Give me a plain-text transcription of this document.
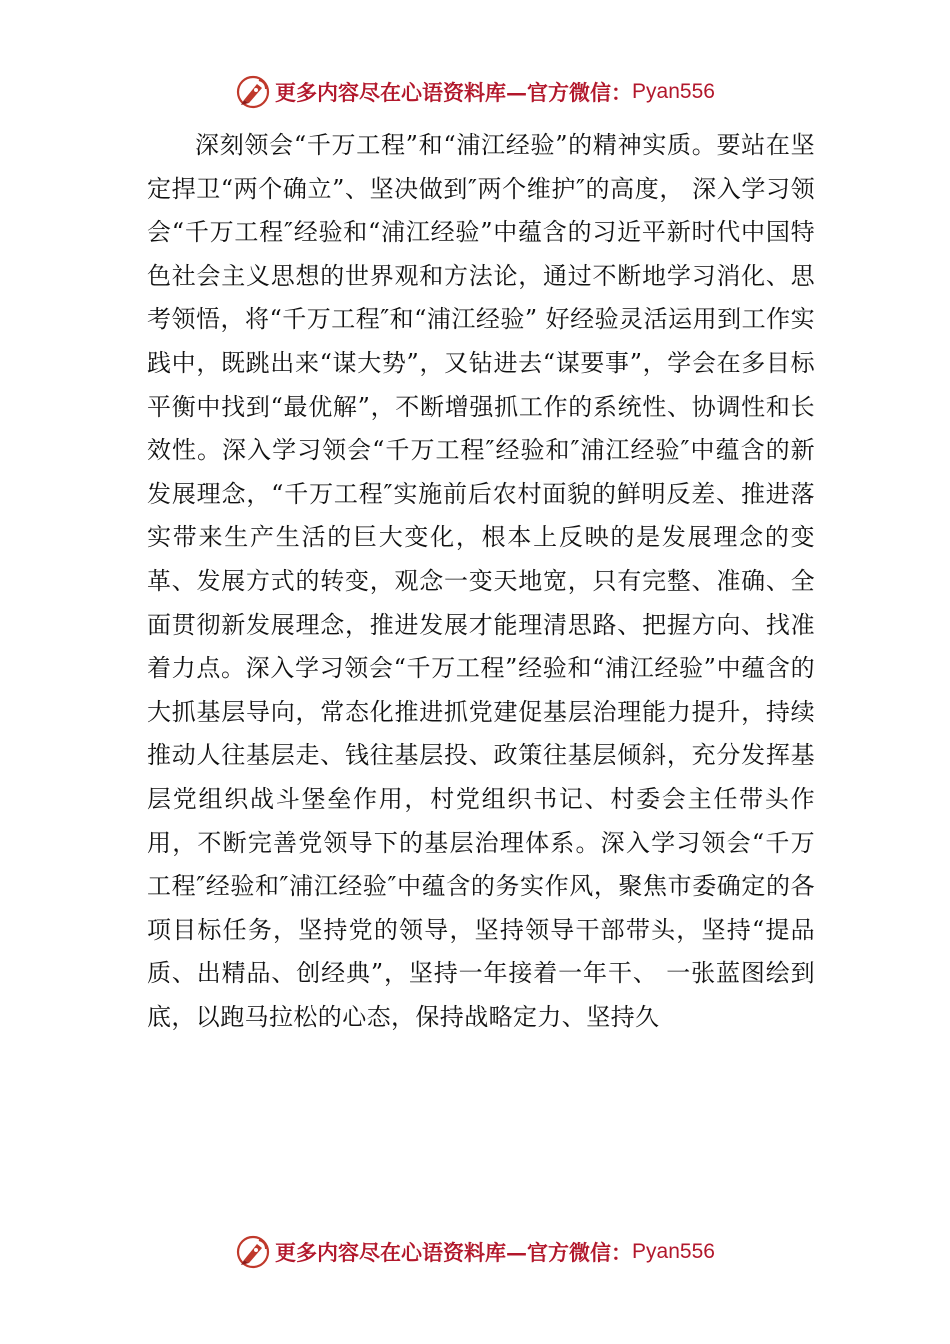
更多内容尽在心语资料库—官方微信： Pyan556

深刻领会“千万工程”和“浦江经验”的精神实质。要站在坚定捍卫“两个确立”、坚决做到″两个维护″的高度， 深入学习领会“千万工程″经验和“浦江经验”中蕴含的习近平新时代中国特色社会主义思想的世界观和方法论，通过不断地学习消化、思考领悟，将“千万工程″和“浦江经验” 好经验灵活运用到工作实践中，既跳出来“谋大势”，又钻进去“谋要事”，学会在多目标平衡中找到“最优解”，不断增强抓工作的系统性、协调性和长效性。深入学习领会“千万工程″经验和″浦江经验″中蕴含的新发展理念，“千万工程″实施前后农村面貌的鲜明反差、推进落实带来生产生活的巨大变化，根本上反映的是发展理念的变革、发展方式的转变，观念一变天地宽，只有完整、准确、全面贯彻新发展理念，推进发展才能理清思路、把握方向、找准着力点。深入学习领会“千万工程”经验和“浦江经验”中蕴含的大抓基层导向，常态化推进抓党建促基层治理能力提升，持续推动人往基层走、钱往基层投、政策往基层倾斜，充分发挥基层党组织战斗堡垒作用，村党组织书记、村委会主任带头作用，不断完善党领导下的基层治理体系。深入学习领会“千万工程″经验和″浦江经验″中蕴含的务实作风，聚焦市委确定的各项目标任务，坚持党的领导，坚持领导干部带头，坚持“提品质、出精品、创经典”，坚持一年接着一年干、 一张蓝图绘到底，以跑马拉松的心态，保持战略定力、坚持久

更多内容尽在心语资料库—官方微信： Pyan556
